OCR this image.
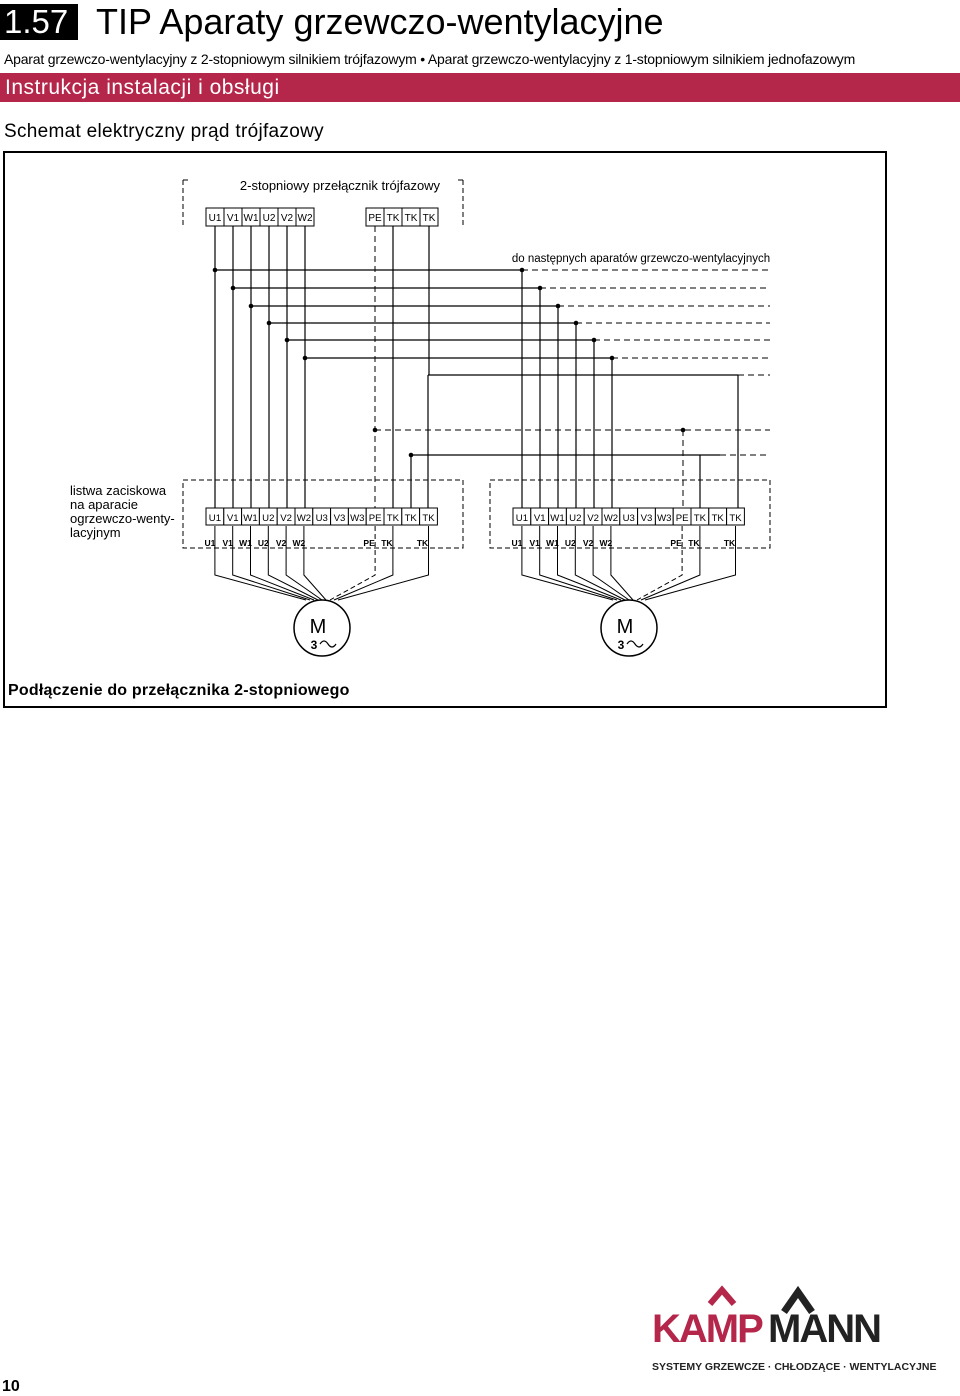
1.57 TIP Aparaty grzewczo-wentylacyjne
Aparat grzewczo-wentylacyjny z 2-stopniowym silnikiem trójfazowym • Aparat grzewczo-wentylacyjny z 1-stopniowym silnikiem jednofazowym
Instrukcja instalacji i obsługi
Schemat elektryczny prąd trójfazowy
2-stopniowy przełącznik trójfazowy
U1 V1 W1 U2 V2 W2	PE TK TK TK
do następnych aparatów grzewczo-wentylacyjnych
U1 V1 W1 U2 V2 W2 U3 V3 W3 PE TK TK TK
U1 V1 W1 U2 V2 W2	PE TK	TK
U1 V1 W1 U2 V2 W2 U3 V3 W3 PE TK TK TK
U1 V1 W1 U2 V2 W2	PE TK	TK
listwa zaciskowa na aparacie ogrzewczo-wenty- lacyjnym
M
3
M
3
Podłączenie do przełącznika 2-stopniowego
10
KAMP MANN
SYSTEMY GRZEWCZE · CHŁODZĄCE · WENTYLACYJNE
